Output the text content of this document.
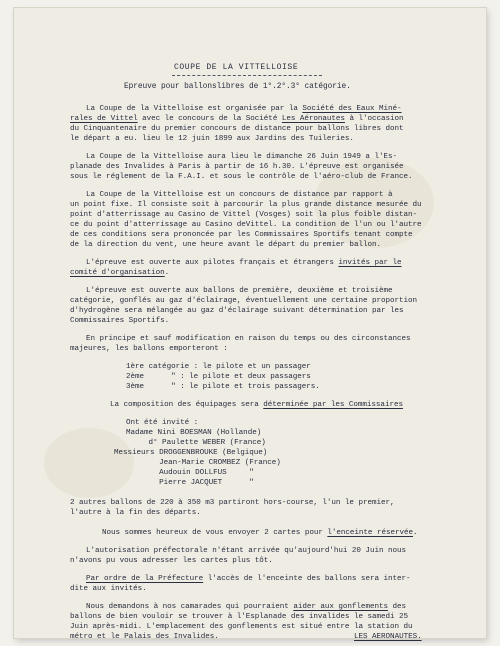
COUPE DE LA VITTELLOISE
Epreuve pour ballonslibres de 1°.2°.3° catégorie.
La Coupe de la Vittelloise est organisée par la Société des Eaux Miné-
rales de Vittel avec le concours de la Société Les Aéronautes à l'occasion
du Cinquantenaire du premier concours de distance pour ballons libres dont
le départ a eu. lieu le 12 juin 1899 aux Jardins des Tuileries.
La Coupe de la Vittelloise aura lieu le dimanche 26 Juin 1949 a l'Es-
planade des Invalides à Paris à partir de 16 h.30. L'épreuve est organisée
sous le réglement de la F.A.I. et sous le contrôle de l'aéro-club de France.
La Coupe de la Vittelloise est un concours de distance par rapport à
un point fixe. Il consiste soit à parcourir la plus grande distance mesurée du
point d'atterrissage au Casino de Vittel (Vosges) soit la plus foible distan-
ce du point d'atterrissage au Casino deVittel. La condition de l'un ou l'autre
de ces conditions sera prononcée par les Commissaires Sportifs tenant compte
de la direction du vent, une heure avant le départ du premier ballon.
L'épreuve est ouverte aux pilotes français et étrangers invités par le
comité d'organisation.
L'épreuve est ouverte aux ballons de première, deuxième et troisième
catégorie, gonflés au gaz d'éclairage, éventuellement une certaine proportion
d'hydrogène sera mélangée au gaz d'éclairage suivant détermination par les
Commissaires Sportifs.
En principe et sauf modification en raison du temps ou des circonstances
majeures, les ballons emporteront :
1ère catégorie : le pilote et un passager
2ème      " : le pilote et deux passagers
3ème      " : le pilote et trois passagers.
La composition des équipages sera déterminée par les Commissaires
Ont été invité :
Madame Nini BOESMAN (Hollande)
d° Paulette WEBER (France)
Messieurs DROGGENBROUKE (Belgique)
Jean-Marie CROMBEZ (France)
Audouin DOLLFUS     "
Pierre JACQUET      "
2 autres ballons de 220 à 350 m3 partiront hors-course, l'un le premier,
l'autre à la fin des départs.
Nous sommes heureux de vous envoyer 2 cartes pour l'enceinte réservée.
L'autorisation préfectorale n'étant arrivée qu'aujourd'hui 20 Juin nous
n'avons pu vous adresser les cartes plus tôt.
Par ordre de la Préfecture l'accès de l'enceinte des ballons sera inter-
dite aux invités.
Nous demandons à nos camarades qui pourraient aider aux gonflements des
ballons de bien vouloir se trouver à l'Esplanade des invalides le samedi 25
Juin après-midi. L'emplacement des gonflements est situé entre la station du
métro et le Palais des Invalides.	LES AERONAUTES.
